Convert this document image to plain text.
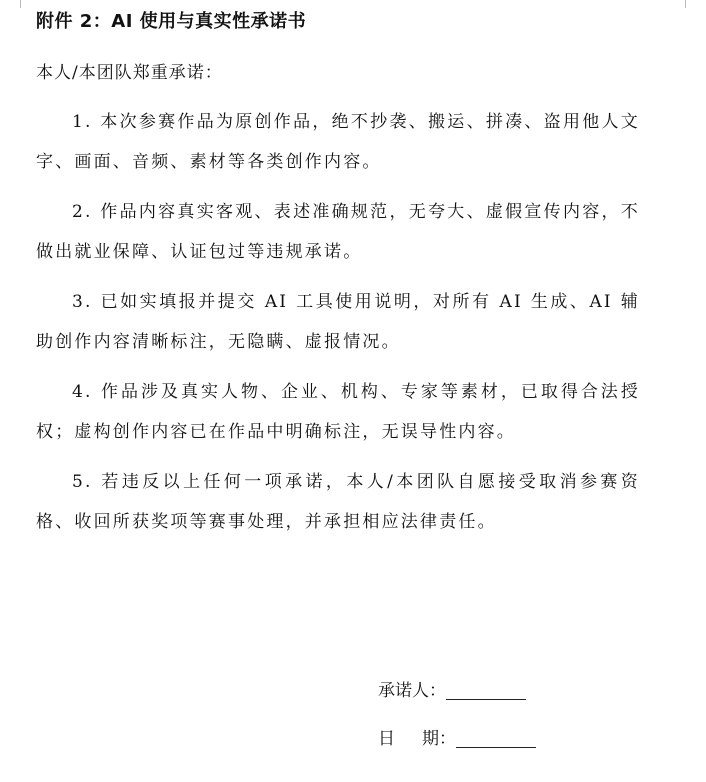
附件 2：AI 使用与真实性承诺书
本人/本团队郑重承诺：

1. 本次参赛作品为原创作品，绝不抄袭、搬运、拼凑、盗用他人文字、画面、音频、素材等各类创作内容。

2. 作品内容真实客观、表述准确规范，无夸大、虚假宣传内容，不做出就业保障、认证包过等违规承诺。

3. 已如实填报并提交 AI 工具使用说明，对所有 AI 生成、AI 辅助创作内容清晰标注，无隐瞒、虚报情况。

4. 作品涉及真实人物、企业、机构、专家等素材，已取得合法授权；虚构创作内容已在作品中明确标注，无误导性内容。

5. 若违反以上任何一项承诺，本人/本团队自愿接受取消参赛资格、收回所获奖项等赛事处理，并承担相应法律责任。

承诺人：
日 期：
